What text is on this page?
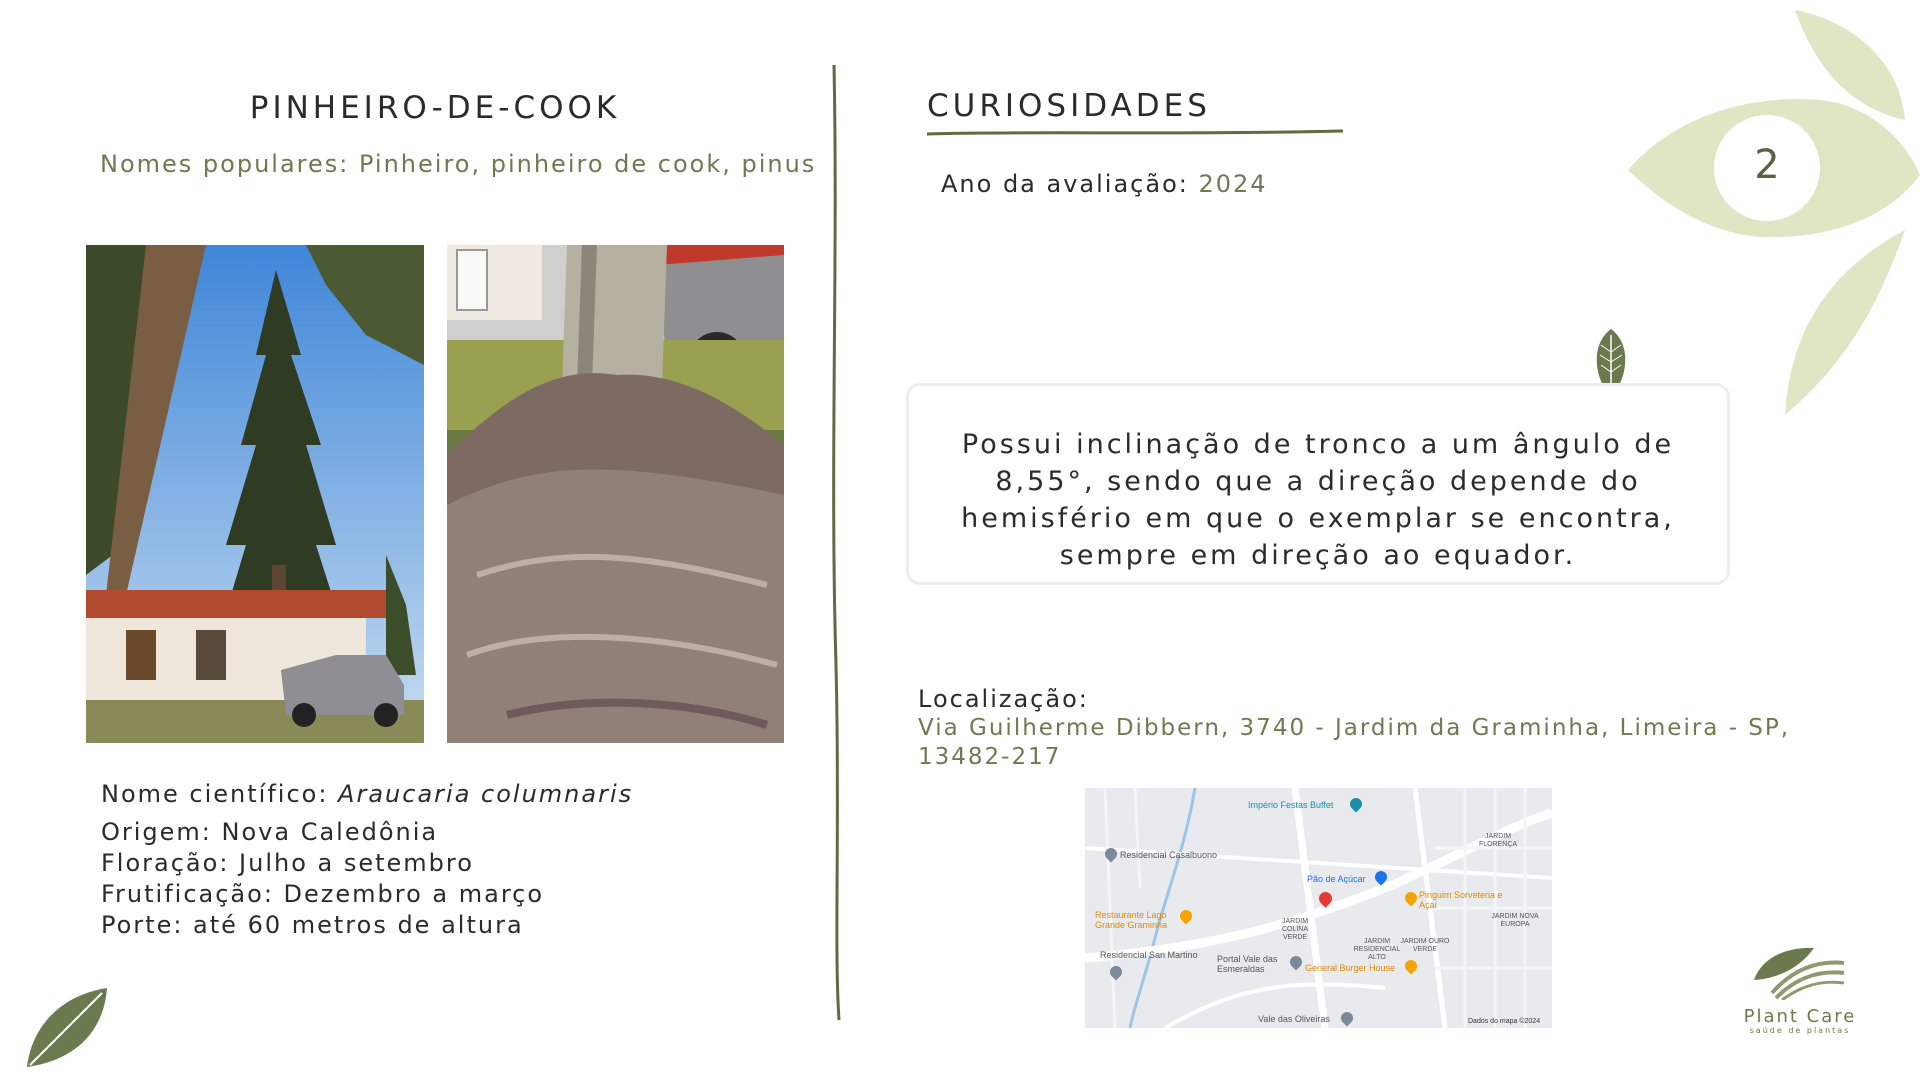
2
PINHEIRO-DE-COOK
Nomes populares: Pinheiro, pinheiro de cook, pinus
Nome científico: Araucaria columnaris
Origem: Nova Caledônia
Floração: Julho a setembro
Frutificação: Dezembro a março
Porte: até 60 metros de altura
CURIOSIDADES
Ano da avaliação: 2024
Possui inclinação de tronco a um ângulo de 8,55°, sendo que a direção depende do hemisfério em que o exemplar se encontra, sempre em direção ao equador.
Localização:
Via Guilherme Dibbern, 3740 - Jardim da Graminha, Limeira - SP, 13482-217
Império Festas Buffet
Residencial Casalbuono
Pão de Açúcar
Restaurante Lago Grande Graminha
Pinguim Sorveteria e Açaí
JARDIM COLINA VERDE
JARDIM RESIDENCIAL ALTO
JARDIM OURO VERDE
JARDIM FLORENÇA
JARDIM NOVA EUROPA
Residencial San Martino Portal Vale das Esmeraldas	General Burger House
Vale das Oliveiras	Dados do mapa ©2024	Plant Care
saúde de plantas
